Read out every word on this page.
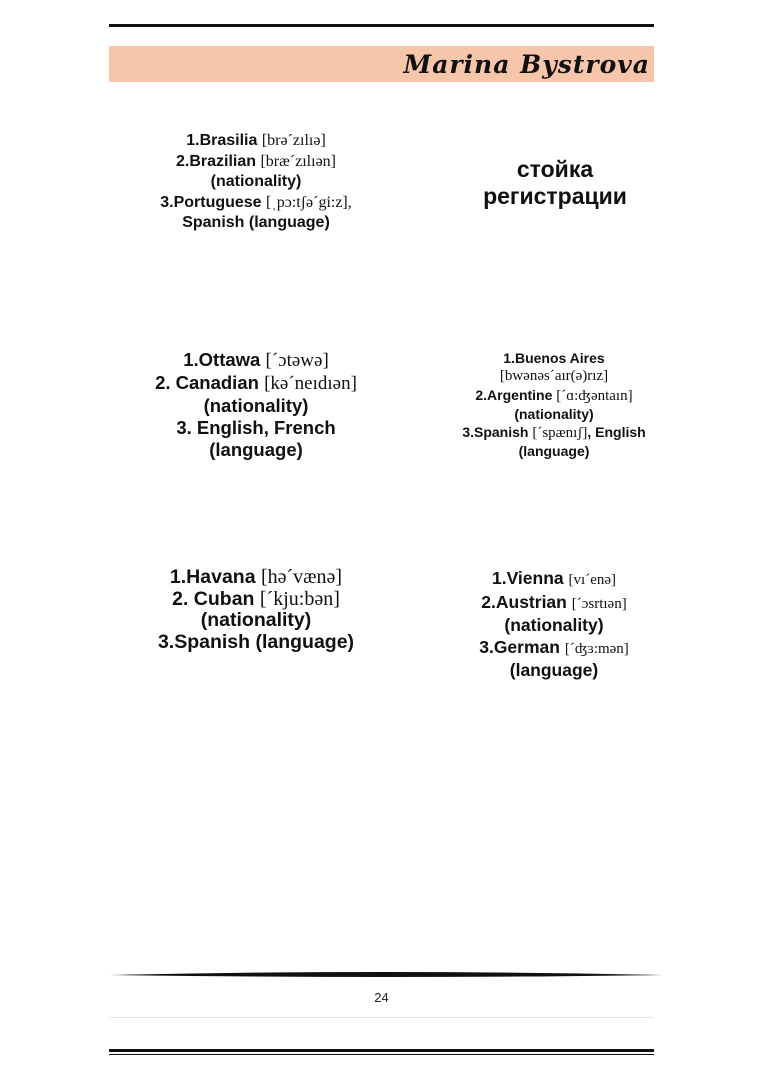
Marina Bystrova
1.Brasilia [brə´zılıə]
2.Brazilian [bræ´zılıən]
(nationality)
3.Portuguese [ˌpɔ:tʃə´gi:z],
Spanish (language)
стойка
регистрации
1.Ottawa [´ɔtəwə]
2. Canadian [kə´neıdıən]
(nationality)
3. English, French
(language)
1.Buenos Aires
[bwənəs´aır(ə)rız]
2.Argentine [´ɑ:ʤəntaın]
(nationality)
3.Spanish [´spænıʃ], English
(language)
1.Havana [hə´vænə]
2. Cuban [´kju:bən]
(nationality)
3.Spanish (language)
1.Vienna [vı´enə]
2.Austrian [´ɔsrtıən]
(nationality)
3.German [´ʤɜ:mən]
(language)
24
